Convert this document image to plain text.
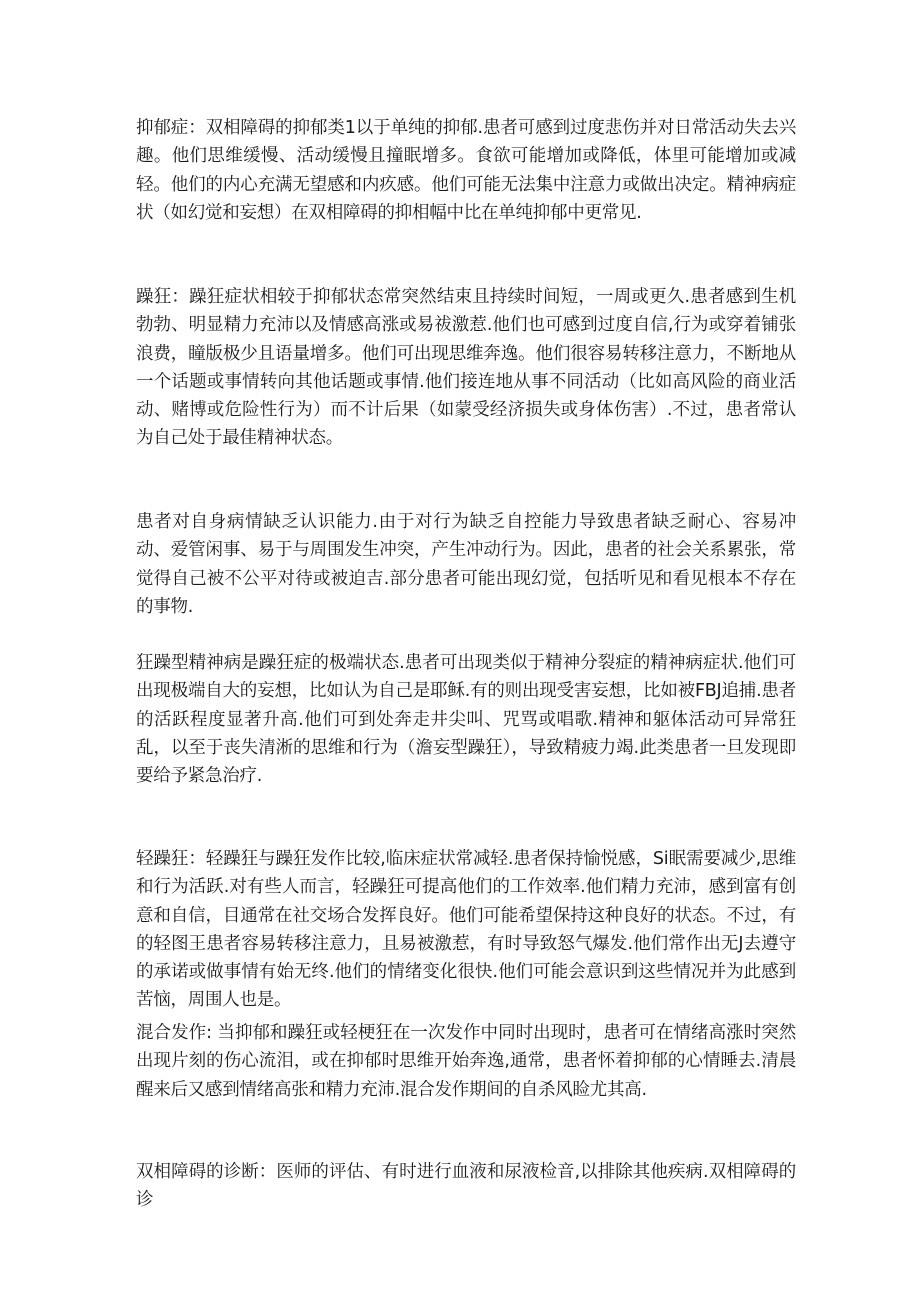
抑郁症：双相障碍的抑郁类1以于单纯的抑郁.患者可感到过度悲伤并对日常活动失去兴趣。他们思维缓慢、活动缓慢且撞眠增多。食欲可能增加或降低，体里可能增加或减轻。他们的内心充满无望感和内疚感。他们可能无法集中注意力或做出决定。精神病症状（如幻觉和妄想）在双相障碍的抑相幅中比在单纯抑郁中更常见.

躁狂：躁狂症状相较于抑郁状态常突然结束且持续时间短，一周或更久.患者感到生机勃勃、明显精力充沛以及情感高涨或易祓激惹.他们也可感到过度自信,行为或穿着铺张浪费，瞳版极少且语量增多。他们可出现思维奔逸。他们很容易转移注意力，不断地从一个话题或事情转向其他话题或事情.他们接连地从事不同活动（比如高风险的商业活动、赌博或危险性行为）而不计后果（如蒙受经济损失或身体伤害）.不过，患者常认为自己处于最佳精神状态。

患者对自身病情缺乏认识能力.由于对行为缺乏自控能力导致患者缺乏耐心、容易冲动、爱管闲事、易于与周围发生冲突，产生冲动行为。因此，患者的社会关系累张，常觉得自己被不公平对待或被迫吉.部分患者可能出现幻觉，包括听见和看见根本不存在的事物.

狂躁型精神病是躁狂症的极端状态.患者可出现类似于精神分裂症的精神病症状.他们可出现极端自大的妄想，比如认为自己是耶稣.有的则出现受害妄想，比如被FBJ追捕.患者的活跃程度显著升高.他们可到处奔走井尖叫、咒骂或唱歌.精神和躯体活动可异常狂乱，以至于丧失清淅的思维和行为（澹妄型躁狂），导致精疲力竭.此类患者一旦发现即要给予紧急治疗.

轻躁狂：轻躁狂与躁狂发作比较,临床症状常减轻.患者保持愉悦感，Si眠需要减少,思维和行为活跃.对有些人而言，轻躁狂可提高他们的工作效率.他们精力充沛，感到富有创意和自信，目通常在社交场合发挥良好。他们可能希望保持这种良好的状态。不过，有的轻图王患者容易转移注意力，且易被激惹，有时导致怒气爆发.他们常作出无J去遵守的承诺或做事情有始无终.他们的情绪变化很快.他们可能会意识到这些情况并为此感到苦恼，周围人也是。

混合发作: 当抑郁和躁狂或轻梗狂在一次发作中同时出现时，患者可在情绪高涨时突然出现片刻的伤心流泪，或在抑郁时思维开始奔逸,通常，患者怀着抑郁的心情睡去.清晨醒来后又感到情绪高张和精力充沛.混合发作期间的自杀风睑尤其高.

双相障碍的诊断：医师的评估、有时进行血液和尿液检音,以排除其他疾病.双相障碍的诊
